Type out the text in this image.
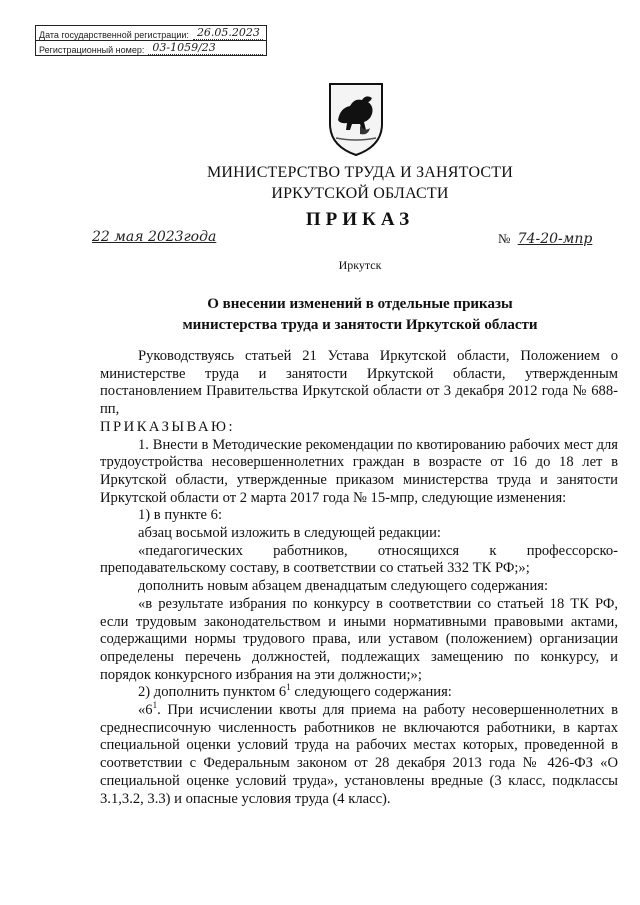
Дата государственной регистрации: 26.05.2023
Регистрационный номер: 03-1059/23
МИНИСТЕРСТВО ТРУДА И ЗАНЯТОСТИ
ИРКУТСКОЙ ОБЛАСТИ
ПРИКАЗ
22 мая 2023года	№ 74-20-мпр
Иркутск
О внесении изменений в отдельные приказы
министерства труда и занятости Иркутской области

Руководствуясь статьей 21 Устава Иркутской области, Положением о министерстве труда и занятости Иркутской области, утвержденным постановлением Правительства Иркутской области от 3 декабря 2012 года № 688-пп,

ПРИКАЗЫВАЮ:

1. Внести в Методические рекомендации по квотированию рабочих мест для трудоустройства несовершеннолетних граждан в возрасте от 16 до 18 лет в Иркутской области, утвержденные приказом министерства труда и занятости Иркутской области от 2 марта 2017 года № 15-мпр, следующие изменения:

1) в пункте 6:

абзац восьмой изложить в следующей редакции:

«педагогических работников, относящихся к профессорско-преподавательскому составу, в соответствии со статьей 332 ТК РФ;»;

дополнить новым абзацем двенадцатым следующего содержания:

«в результате избрания по конкурсу в соответствии со статьей 18 ТК РФ, если трудовым законодательством и иными нормативными правовыми актами, содержащими нормы трудового права, или уставом (положением) организации определены перечень должностей, подлежащих замещению по конкурсу, и порядок конкурсного избрания на эти должности;»;

2) дополнить пунктом $6^1$ следующего содержания:

«$6^1$. При исчислении квоты для приема на работу несовершеннолетних в среднесписочную численность работников не включаются работники, в картах специальной оценки условий труда на рабочих местах которых, проведенной в соответствии с Федеральным законом от 28 декабря 2013 года № 426-ФЗ «О специальной оценке условий труда», установлены вредные (3 класс, подклассы 3.1,3.2, 3.3) и опасные условия труда (4 класс).
